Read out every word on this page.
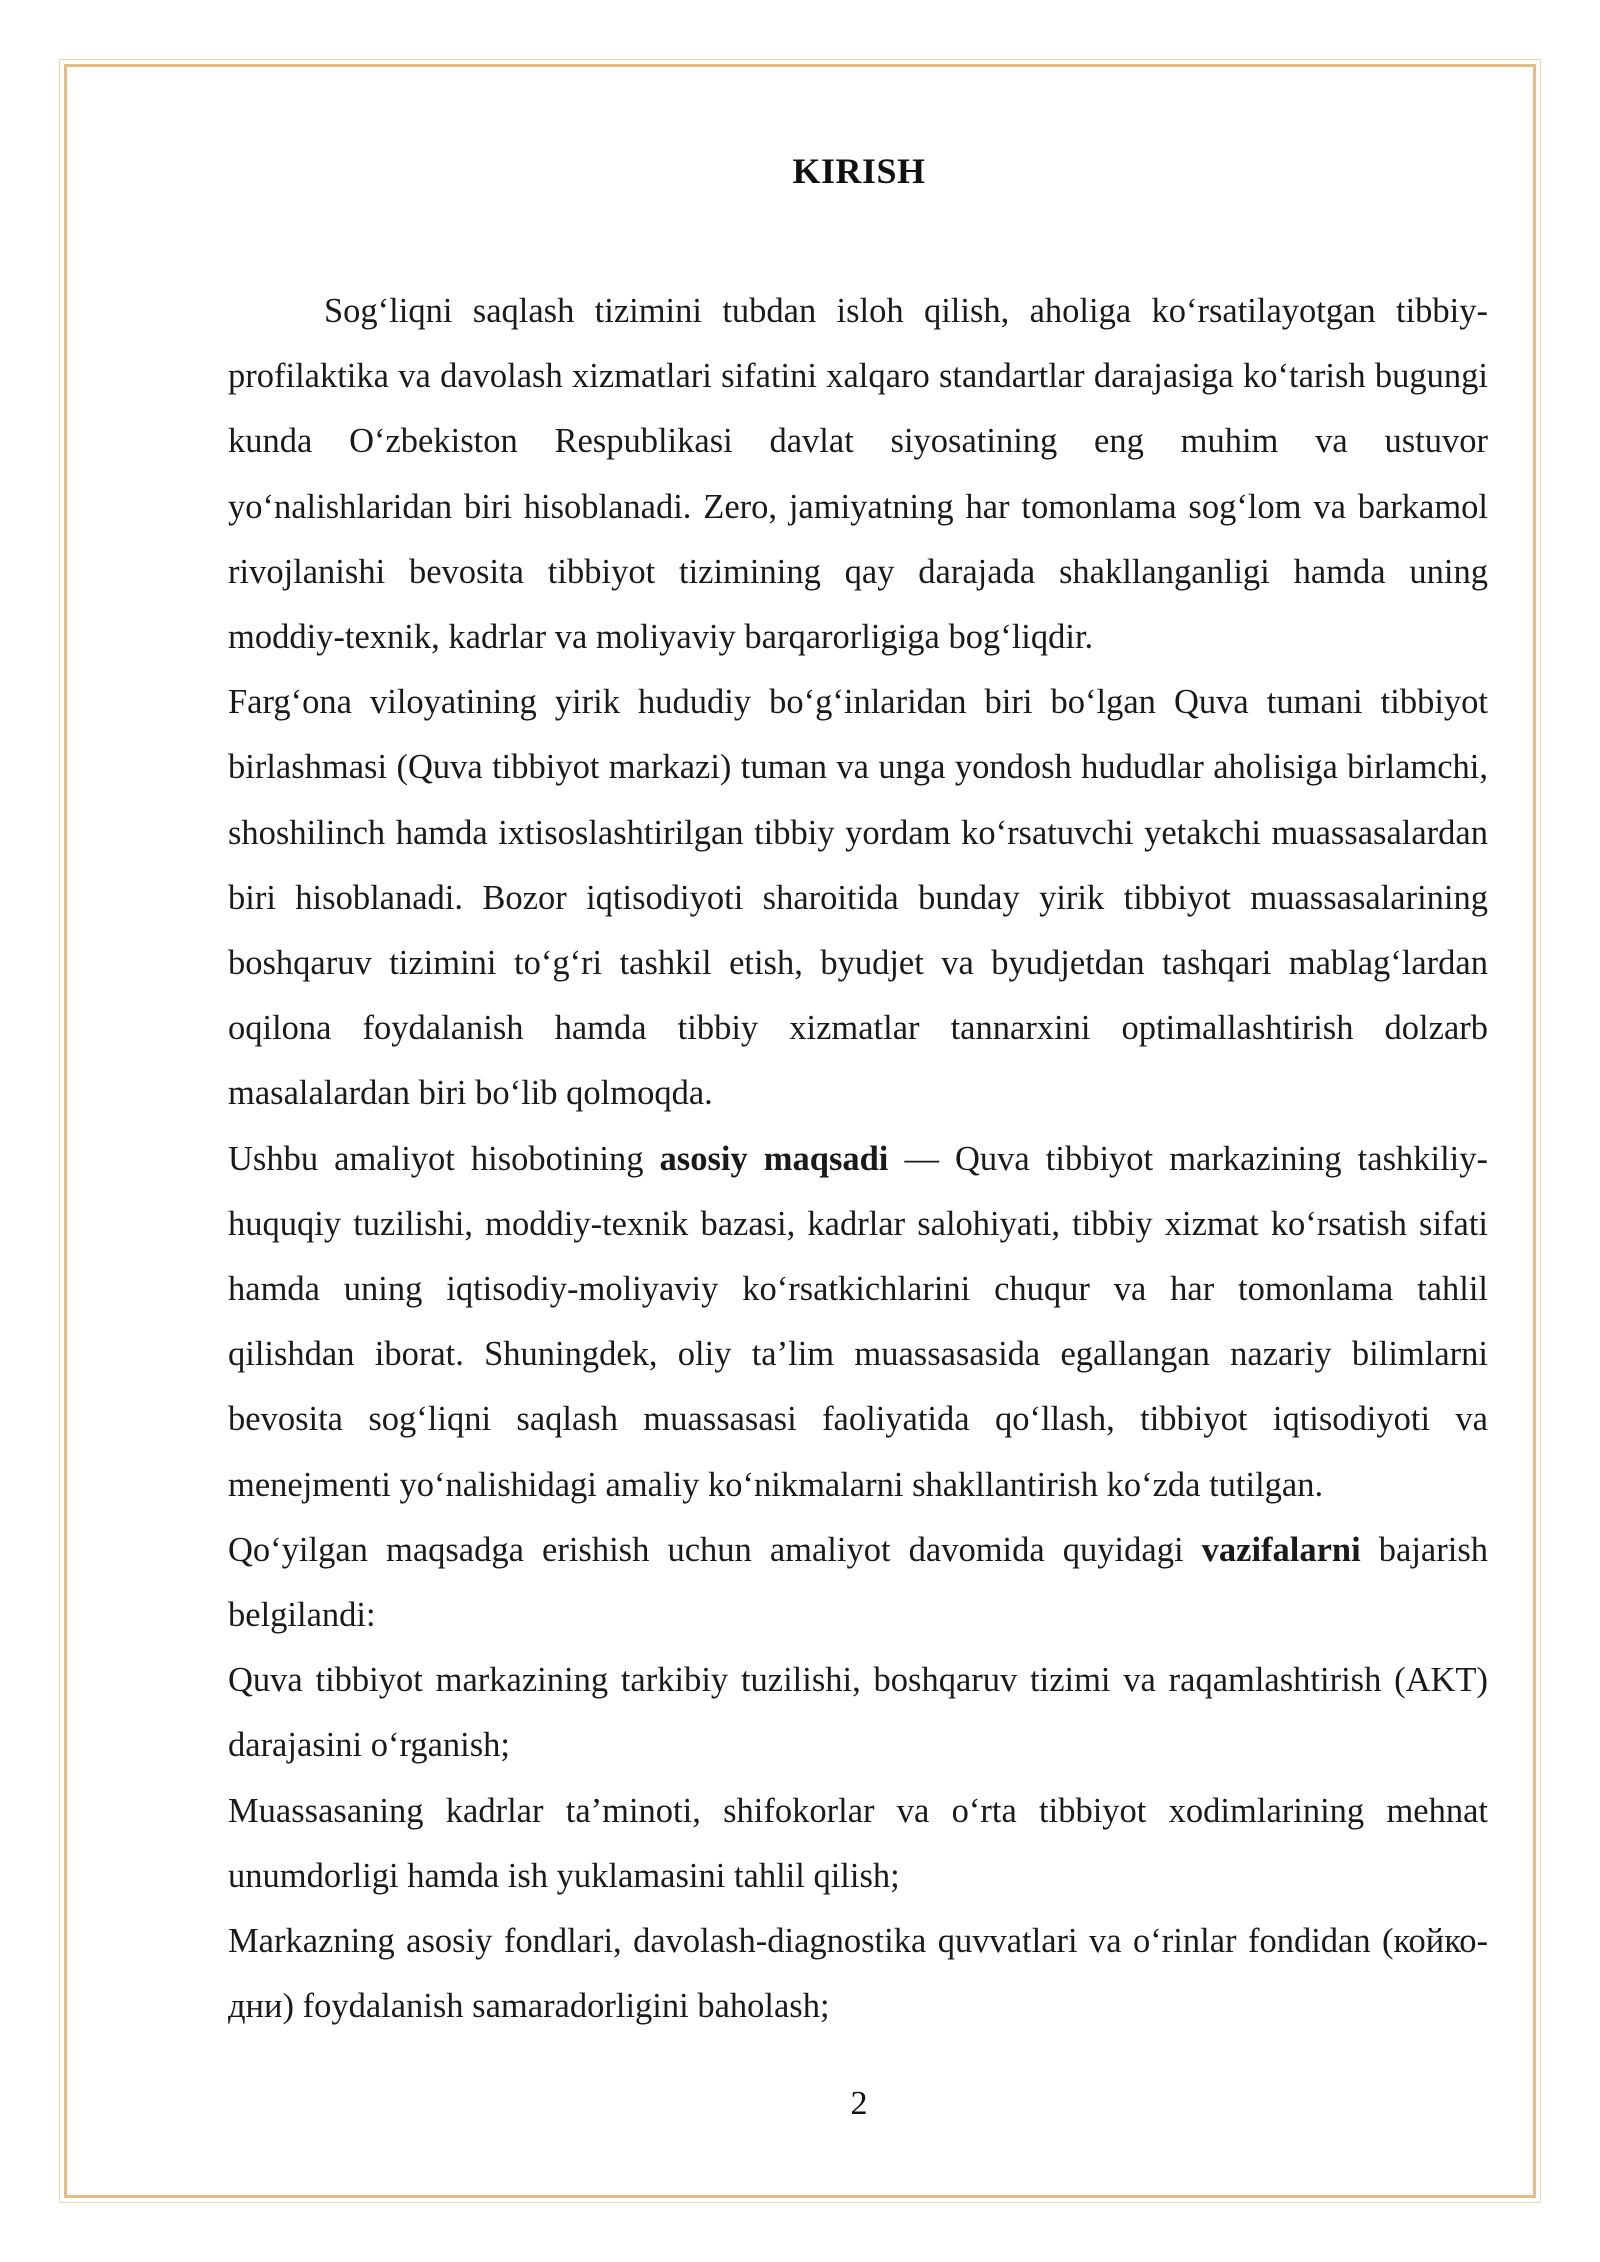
KIRISH

Sog‘liqni saqlash tizimini tubdan isloh qilish, aholiga ko‘rsatilayotgan tibbiy-profilaktika va davolash xizmatlari sifatini xalqaro standartlar darajasiga ko‘tarish bugungi kunda O‘zbekiston Respublikasi davlat siyosatining eng muhim va ustuvor yo‘nalishlaridan biri hisoblanadi. Zero, jamiyatning har tomonlama sog‘lom va barkamol rivojlanishi bevosita tibbiyot tizimining qay darajada shakllanganligi hamda uning moddiy-texnik, kadrlar va moliyaviy barqarorligiga bog‘liqdir.

Farg‘ona viloyatining yirik hududiy bo‘g‘inlaridan biri bo‘lgan Quva tumani tibbiyot birlashmasi (Quva tibbiyot markazi) tuman va unga yondosh hududlar aholisiga birlamchi, shoshilinch hamda ixtisoslashtirilgan tibbiy yordam ko‘rsatuvchi yetakchi muassasalardan biri hisoblanadi. Bozor iqtisodiyoti sharoitida bunday yirik tibbiyot muassasalarining boshqaruv tizimini to‘g‘ri tashkil etish, byudjet va byudjetdan tashqari mablag‘lardan oqilona foydalanish hamda tibbiy xizmatlar tannarxini optimallashtirish dolzarb masalalardan biri bo‘lib qolmoqda.

Ushbu amaliyot hisobotining asosiy maqsadi — Quva tibbiyot markazining tashkiliy-huquqiy tuzilishi, moddiy-texnik bazasi, kadrlar salohiyati, tibbiy xizmat ko‘rsatish sifati hamda uning iqtisodiy-moliyaviy ko‘rsatkichlarini chuqur va har tomonlama tahlil qilishdan iborat. Shuningdek, oliy ta’lim muassasasida egallangan nazariy bilimlarni bevosita sog‘liqni saqlash muassasasi faoliyatida qo‘llash, tibbiyot iqtisodiyoti va menejmenti yo‘nalishidagi amaliy ko‘nikmalarni shakllantirish ko‘zda tutilgan.

Qo‘yilgan maqsadga erishish uchun amaliyot davomida quyidagi vazifalarni bajarish belgilandi:

Quva tibbiyot markazining tarkibiy tuzilishi, boshqaruv tizimi va raqamlashtirish (AKT) darajasini o‘rganish;

Muassasaning kadrlar ta’minoti, shifokorlar va o‘rta tibbiyot xodimlarining mehnat unumdorligi hamda ish yuklamasini tahlil qilish;

Markazning asosiy fondlari, davolash-diagnostika quvvatlari va o‘rinlar fondidan (койко-дни) foydalanish samaradorligini baholash;

2
